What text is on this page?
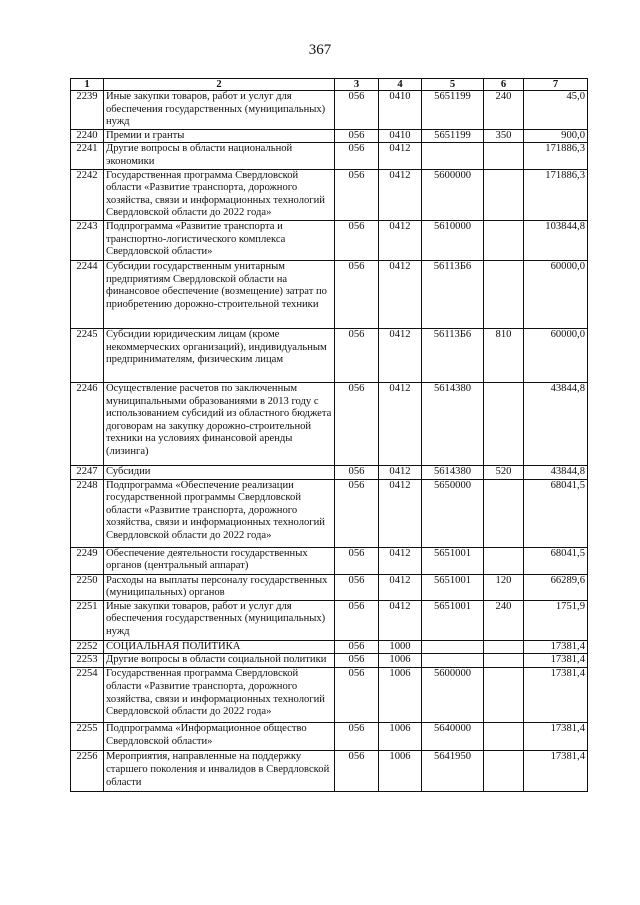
367
1	2	3	4	5	6	7
2239	Иные закупки товаров, работ и услуг для обеспечения государственных (муниципальных) нужд	056	0410	5651199	240	45,0
2240	Премии и гранты	056	0410	5651199	350	900,0
2241	Другие вопросы в области национальной экономики	056	0412			171886,3
2242	Государственная программа Свердловской области «Развитие транспорта, дорожного хозяйства, связи и информационных технологий Свердловской области до 2022 года»	056	0412	5600000		171886,3
2243	Подпрограмма «Развитие транспорта и транспортно-логистического комплекса Свердловской области»	056	0412	5610000		103844,8
2244	Субсидии государственным унитарным предприятиям Свердловской области на финансовое обеспечение (возмещение) затрат по приобретению дорожно-строительной техники	056	0412	56113Б6		60000,0
2245	Субсидии юридическим лицам (кроме некоммерческих организаций), индивидуальным предпринимателям, физическим лицам	056	0412	56113Б6	810	60000,0
2246	Осуществление расчетов по заключенным муниципальными образованиями в 2013 году с использованием субсидий из областного бюджета договорам на закупку дорожно-строительной техники на условиях финансовой аренды (лизинга)	056	0412	5614380		43844,8
2247	Субсидии	056	0412	5614380	520	43844,8
2248	Подпрограмма «Обеспечение реализации государственной программы Свердловской области «Развитие транспорта, дорожного хозяйства, связи и информационных технологий Свердловской области до 2022 года»	056	0412	5650000		68041,5
2249	Обеспечение деятельности государственных органов (центральный аппарат)	056	0412	5651001		68041,5
2250	Расходы на выплаты персоналу государственных (муниципальных) органов	056	0412	5651001	120	66289,6
2251	Иные закупки товаров, работ и услуг для обеспечения государственных (муниципальных) нужд	056	0412	5651001	240	1751,9
2252	СОЦИАЛЬНАЯ ПОЛИТИКА	056	1000			17381,4
2253	Другие вопросы в области социальной политики	056	1006			17381,4
2254	Государственная программа Свердловской области «Развитие транспорта, дорожного хозяйства, связи и информационных технологий Свердловской области до 2022 года»	056	1006	5600000		17381,4
2255	Подпрограмма «Информационное общество Свердловской области»	056	1006	5640000		17381,4
2256	Мероприятия, направленные на поддержку старшего поколения и инвалидов в Свердловской области	056	1006	5641950		17381,4
